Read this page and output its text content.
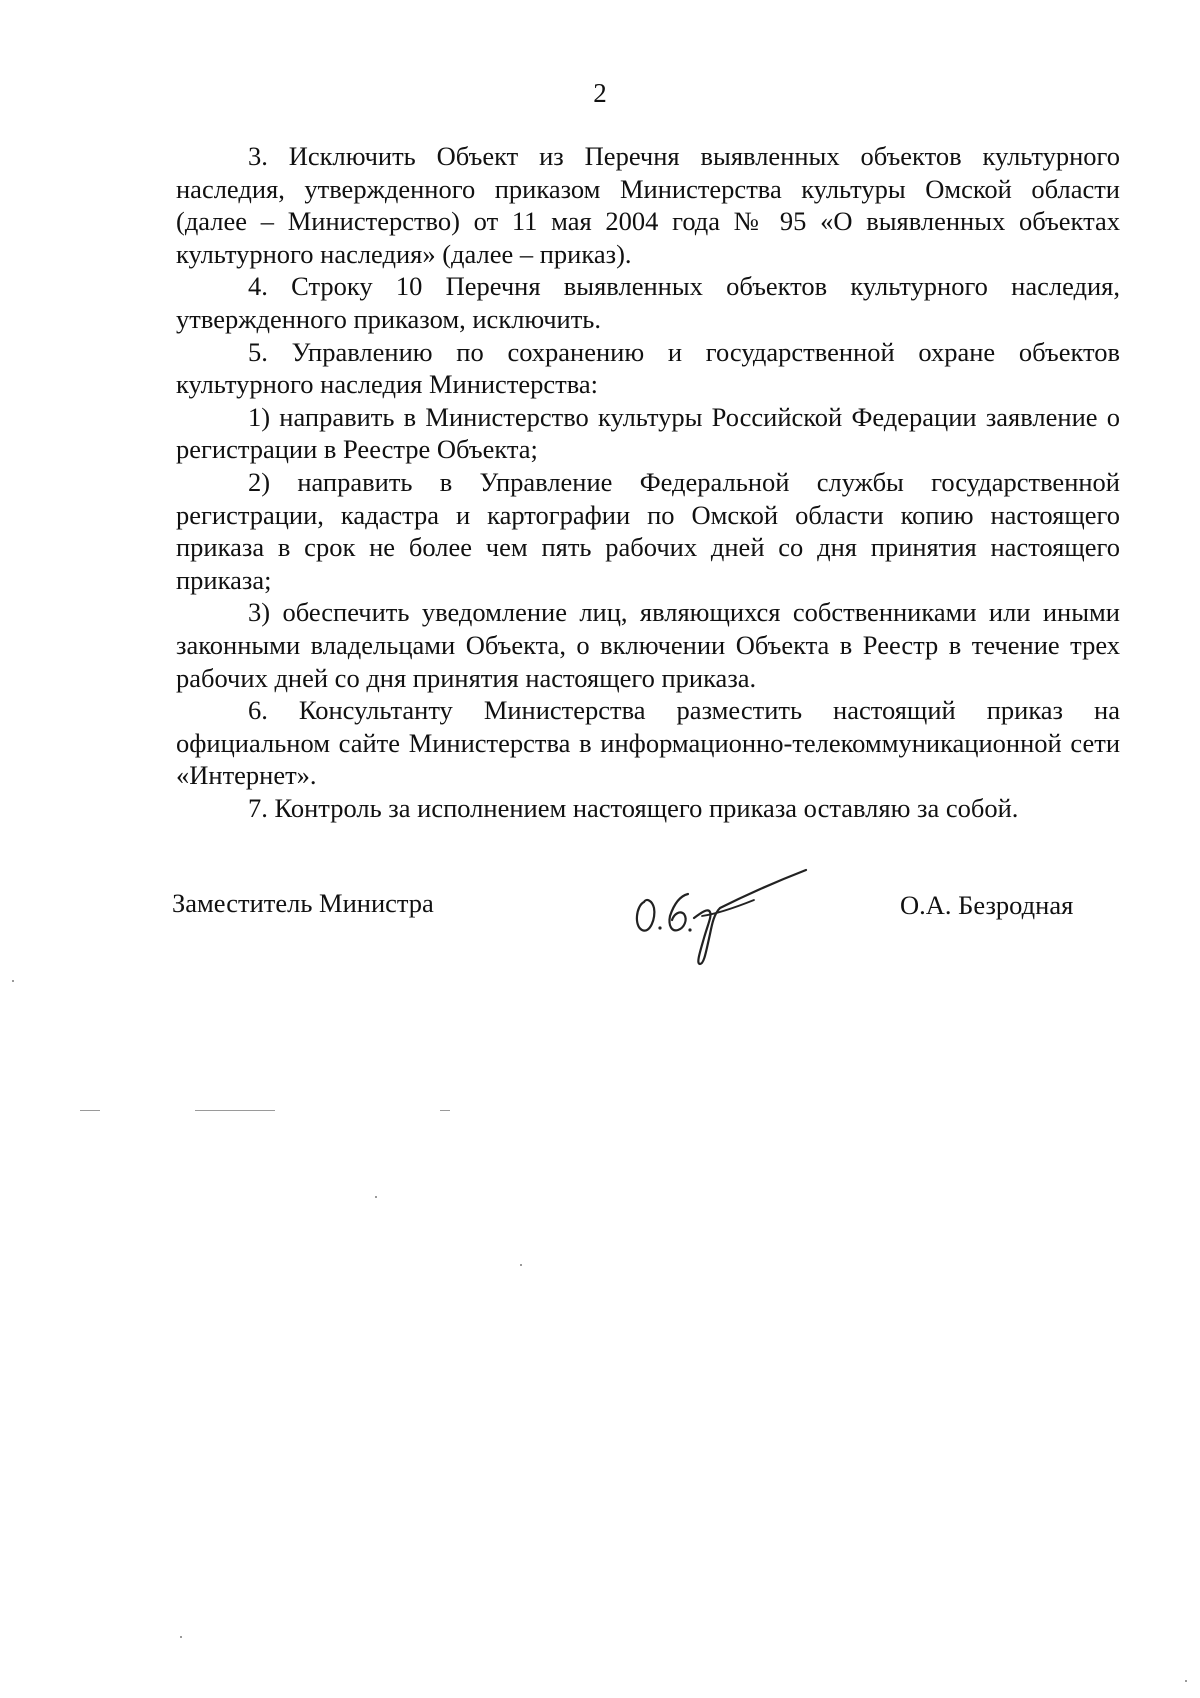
2

3. Исключить Объект из Перечня выявленных объектов культурного наследия, утвержденного приказом Министерства культуры Омской области (далее – Министерство) от 11 мая 2004 года № 95 «О выявленных объектах культурного наследия» (далее – приказ).

4. Строку 10 Перечня выявленных объектов культурного наследия, утвержденного приказом, исключить.

5. Управлению по сохранению и государственной охране объектов культурного наследия Министерства:

1) направить в Министерство культуры Российской Федерации заявление о регистрации в Реестре Объекта;

2) направить в Управление Федеральной службы государственной регистрации, кадастра и картографии по Омской области копию настоящего приказа в срок не более чем пять рабочих дней со дня принятия настоящего приказа;

3) обеспечить уведомление лиц, являющихся собственниками или иными законными владельцами Объекта, о включении Объекта в Реестр в течение трех рабочих дней со дня принятия настоящего приказа.

6. Консультанту Министерства разместить настоящий приказ на официальном сайте Министерства в информационно-телекоммуникационной сети «Интернет».

7. Контроль за исполнением настоящего приказа оставляю за собой.

Заместитель Министра	О.А. Безродная
